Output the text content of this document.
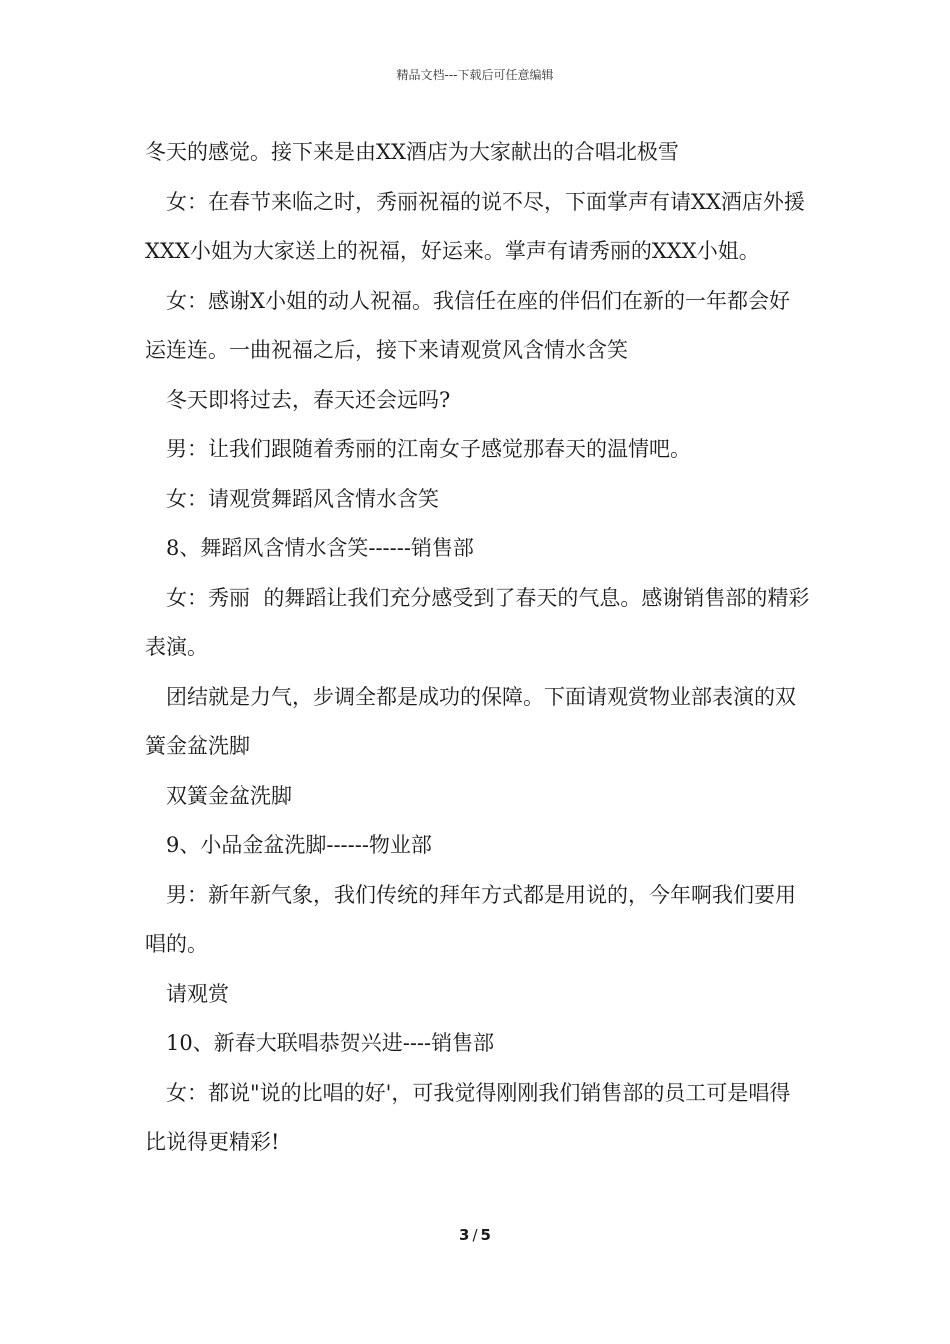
精品文档---下载后可任意编辑

冬天的感觉。接下来是由XX酒店为大家献出的合唱北极雪

女：在春节来临之时，秀丽祝福的说不尽，下面掌声有请XX酒店外援XXX小姐为大家送上的祝福，好运来。掌声有请秀丽的XXX小姐。

女：感谢X小姐的动人祝福。我信任在座的伴侣们在新的一年都会好运连连。一曲祝福之后，接下来请观赏风含情水含笑

冬天即将过去，春天还会远吗?

男：让我们跟随着秀丽的江南女子感觉那春天的温情吧。

女：请观赏舞蹈风含情水含笑

8、舞蹈风含情水含笑------销售部

女：秀丽  的舞蹈让我们充分感受到了春天的气息。感谢销售部的精彩表演。

团结就是力气，步调全都是成功的保障。下面请观赏物业部表演的双簧金盆洗脚

双簧金盆洗脚

9、小品金盆洗脚------物业部

男：新年新气象，我们传统的拜年方式都是用说的，今年啊我们要用唱的。

请观赏

10、新春大联唱恭贺兴进----销售部

女：都说"说的比唱的好'，可我觉得刚刚我们销售部的员工可是唱得比说得更精彩!

3 / 5
